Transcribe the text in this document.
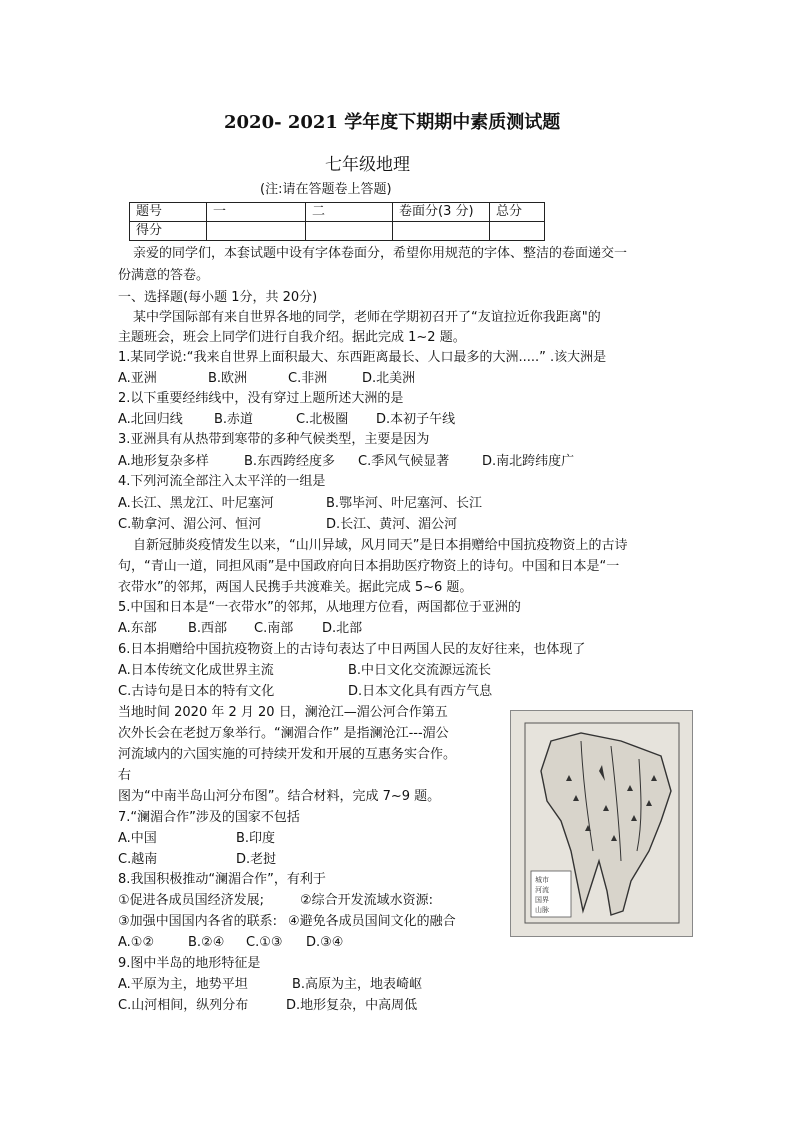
2020- 2021 学年度下期期中素质测试题
七年级地理
(注:请在答题卷上答题)
题号	一	二	卷面分(3 分)	总分
得分				
亲爱的同学们，本套试题中设有字体卷面分，希望你用规范的字体、整洁的卷面递交一
份满意的答卷。
一、选择题(每小题 1分，共 20分)
某中学国际部有来自世界各地的同学，老师在学期初召开了“友谊拉近你我距离"的
主题班会，班会上同学们进行自我介绍。据此完成 1~2 题。
1.某同学说:“我来自世界上面积最大、东西距离最长、人口最多的大洲.....” .该大洲是
A.亚洲	B.欧洲	C.非洲	D.北美洲
2.以下重要经纬线中，没有穿过上题所述大洲的是
A.北回归线 B.赤道	C.北极圈 D.本初子午线
3.亚洲具有从热带到寒带的多种气候类型，主要是因为
A.地形复杂多样	B.东西跨经度多 C.季风气候显著	D.南北跨纬度广
4.下列河流全部注入太平洋的一组是
A.长江、黑龙江、叶尼塞河	B.鄂毕河、叶尼塞河、长江
C.勒拿河、湄公河、恒河	D.长江、黄河、湄公河
自新冠肺炎疫情发生以来，“山川异域，风月同天”是日本捐赠给中国抗疫物资上的古诗
句，“青山一道，同担风雨”是中国政府向日本捐助医疗物资上的诗句。中国和日本是“一
衣带水”的邻邦，两国人民携手共渡难关。据此完成 5~6 题。
5.中国和日本是“一衣带水”的邻邦，从地理方位看，两国都位于亚洲的
A.东部 B.西部 C.南部 D.北部
6.日本捐赠给中国抗疫物资上的古诗句表达了中日两国人民的友好往来，也体现了
A.日本传统文化成世界主流	B.中日文化交流源远流长
C.古诗句是日本的特有文化	D.日本文化具有西方气息
当地时间 2020 年 2 月 20 日，澜沧江—湄公河合作第五
次外长会在老挝万象举行。“澜湄合作” 是指澜沧江---湄公
河流域内的六国实施的可持续开发和开展的互惠务实合作。
右
图为“中南半岛山河分布图”。结合材料，完成 7~9 题。
7.“澜湄合作”涉及的国家不包括
A.中国	B.印度
C.越南	D.老挝
8.我国积极推动“澜湄合作”，有利于
①促进各成员国经济发展;	②综合开发流域水资源:
③加强中国国内各省的联系: ④避免各成员国间文化的融合
A.①②	B.②④ C.①③ D.③④
9.图中半岛的地形特征是
A.平原为主，地势平坦	B.高原为主，地表崎岖
C.山河相间，纵列分布	D.地形复杂，中高周低
城市
河流
国界
山脉
